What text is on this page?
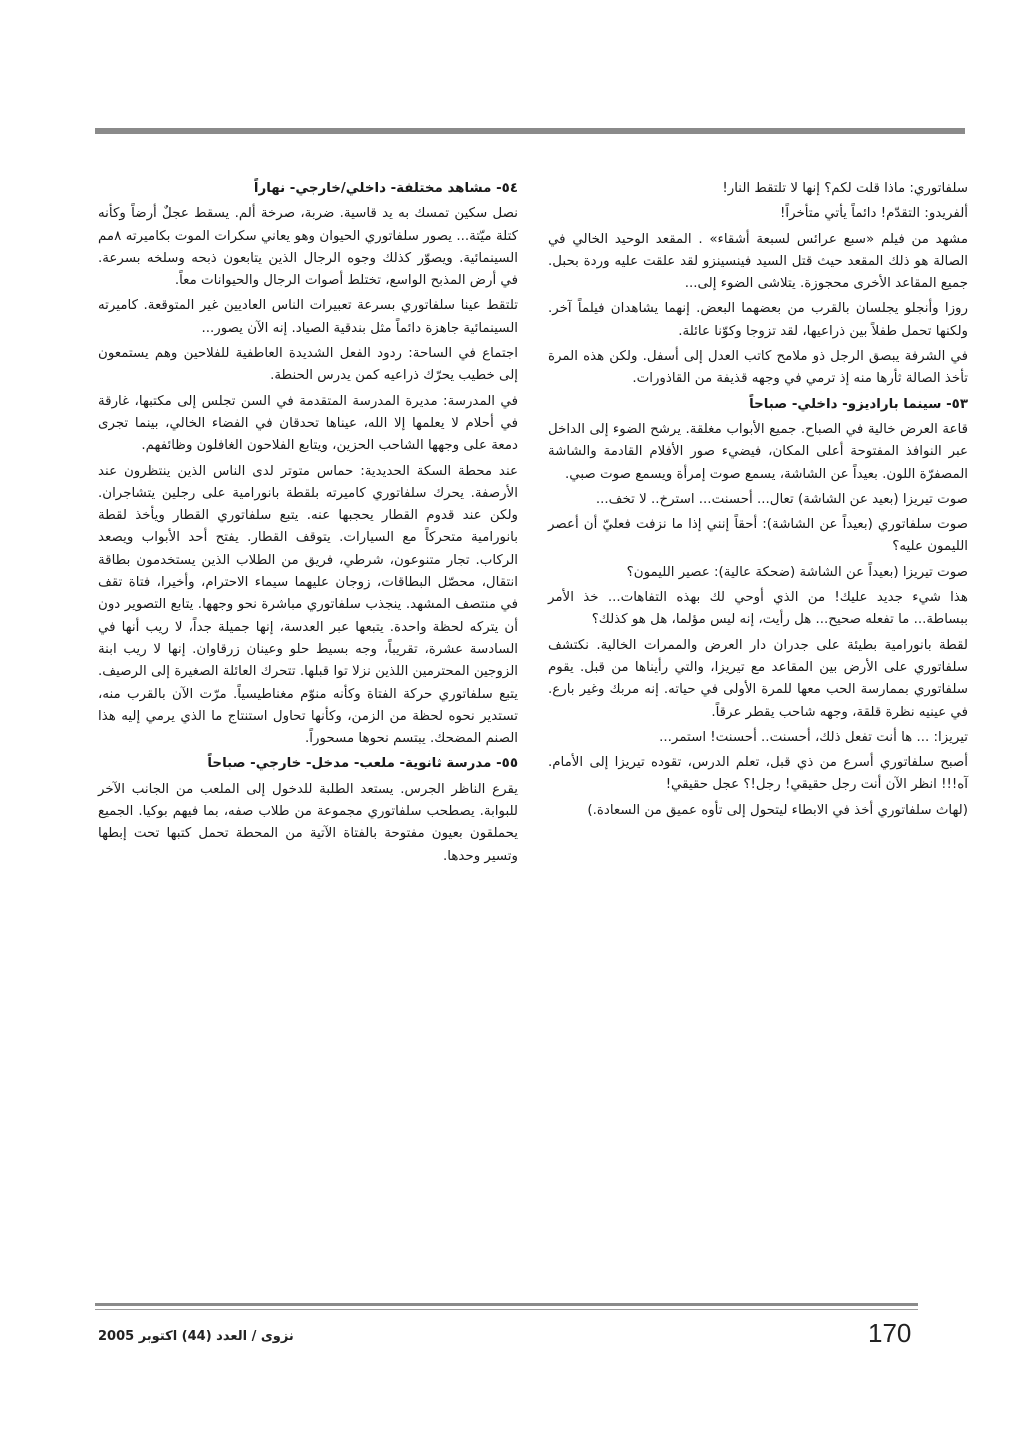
سلفاتوري: ماذا قلت لكم؟ إنها لا تلتقط النار!

ألفريدو: التقدّم! دائماً يأتي متأخراً!

مشهد من فيلم «سبع عرائس لسبعة أشقاء» . المقعد الوحيد الخالي في الصالة هو ذلك المقعد حيث قتل السيد فينسينزو لقد علقت عليه وردة بحبل. جميع المقاعد الأخرى محجوزة. يتلاشى الضوء إلى...

روزا وأنجلو يجلسان بالقرب من بعضهما البعض. إنهما يشاهدان فيلماً آخر. ولكنها تحمل طفلاً بين ذراعيها، لقد تزوجا وكوّنا عائلة.

في الشرفة يبصق الرجل ذو ملامح كاتب العدل إلى أسفل. ولكن هذه المرة تأخذ الصالة ثأرها منه إذ ترمي في وجهه قذيفة من القاذورات.

٥٣- سينما باراديزو- داخلي- صباحاً

قاعة العرض خالية في الصباح. جميع الأبواب مغلقة. يرشح الضوء إلى الداخل عبر النوافذ المفتوحة أعلى المكان، فيضيء صور الأفلام القادمة والشاشة المصفرّة اللون. بعيداً عن الشاشة، يسمع صوت إمرأة ويسمع صوت صبي.

صوت تيريزا (بعيد عن الشاشة) تعال... أحسنت... استرخ.. لا تخف...

صوت سلفاتوري (بعيداً عن الشاشة): أحقاً إنني إذا ما نزفت فعليّ أن أعصر الليمون عليه؟

صوت تيريزا (بعيداً عن الشاشة (ضحكة عالية): عصير الليمون؟

هذا شيء جديد عليك! من الذي أوحي لك بهذه التفاهات... خذ الأمر ببساطة... ما تفعله صحيح... هل رأيت، إنه ليس مؤلما، هل هو كذلك؟

لقطة بانورامية بطيئة على جدران دار العرض والممرات الخالية. نكتشف سلفاتوري على الأرض بين المقاعد مع تيريزا، والتي رأيناها من قبل. يقوم سلفاتوري بممارسة الحب معها للمرة الأولى في حياته. إنه مربك وغير بارع. في عينيه نظرة قلقة، وجهه شاحب يقطر عرقاً.

تيريزا: ... ها أنت تفعل ذلك، أحسنت.. أحسنت! استمر...

أصبح سلفاتوري أسرع من ذي قبل، تعلم الدرس، تقوده تيريزا إلى الأمام. آه!!! انظر الآن أنت رجل حقيقي! رجل!؟ عجل حقيقي!

(لهاث سلفاتوري أخذ في الابطاء ليتحول إلى تأوه عميق من السعادة.)

٥٤- مشاهد مختلفة- داخلي/خارجي- نهاراً

نصل سكين تمسك به يد قاسية. ضربة، صرخة ألم. يسقط عجلٌ أرضاً وكأنه كتلة ميّتة... يصور سلفاتوري الحيوان وهو يعاني سكرات الموت بكاميرته ٨مم السينمائية. ويصوّر كذلك وجوه الرجال الذين يتابعون ذبحه وسلخه بسرعة. في أرض المذبح الواسع، تختلط أصوات الرجال والحيوانات معاً.

تلتقط عينا سلفاتوري بسرعة تعبيرات الناس العاديين غير المتوقعة. كاميرته السينمائية جاهزة دائماً مثل بندقية الصياد. إنه الآن يصور...

اجتماع في الساحة: ردود الفعل الشديدة العاطفية للفلاحين وهم يستمعون إلى خطيب يحرّك ذراعيه كمن يدرس الحنطة.

في المدرسة: مديرة المدرسة المتقدمة في السن تجلس إلى مكتبها، غارقة في أحلام لا يعلمها إلا الله، عيناها تحدقان في الفضاء الخالي، بينما تجرى دمعة على وجهها الشاحب الحزين، ويتابع الفلاحون الغافلون وظائفهم.

عند محطة السكة الحديدية: حماس متوتر لدى الناس الذين ينتظرون عند الأرصفة. يحرك سلفاتوري كاميرته بلقطة بانورامية على رجلين يتشاجران. ولكن عند قدوم القطار يحجبها عنه. يتبع سلفاتوري القطار ويأخذ لقطة بانورامية متحركاً مع السيارات. يتوقف القطار. يفتح أحد الأبواب ويصعد الركاب. تجار متنوعون، شرطي، فريق من الطلاب الذين يستخدمون بطاقة انتقال، محصّل البطاقات، زوجان عليهما سيماء الاحترام، وأخيرا، فتاة تقف في منتصف المشهد. ينجذب سلفاتوري مباشرة نحو وجهها. يتابع التصوير دون أن يتركه لحظة واحدة. يتبعها عبر العدسة، إنها جميلة جداً، لا ريب أنها في السادسة عشرة، تقريباً، وجه بسيط حلو وعينان زرقاوان. إنها لا ريب ابنة الزوجين المحترمين اللذين نزلا توا قبلها. تتحرك العائلة الصغيرة إلى الرصيف. يتبع سلفاتوري حركة الفتاة وكأنه منوّم مغناطيسياً. مرّت الآن بالقرب منه، تستدير نحوه لحظة من الزمن، وكأنها تحاول استنتاج ما الذي يرمي إليه هذا الصنم المضحك. يبتسم نحوها مسحوراً.

٥٥- مدرسة ثانوية- ملعب- مدخل- خارجي- صباحاً

يقرع الناظر الجرس. يستعد الطلبة للدخول إلى الملعب من الجانب الآخر للبوابة. يصطحب سلفاتوري مجموعة من طلاب صفه، بما فيهم بوكيا. الجميع يحملقون بعيون مفتوحة بالفتاة الآتية من المحطة تحمل كتبها تحت إبطها وتسير وحدها.

170
نزوى / العدد (44) اكتوبر 2005
